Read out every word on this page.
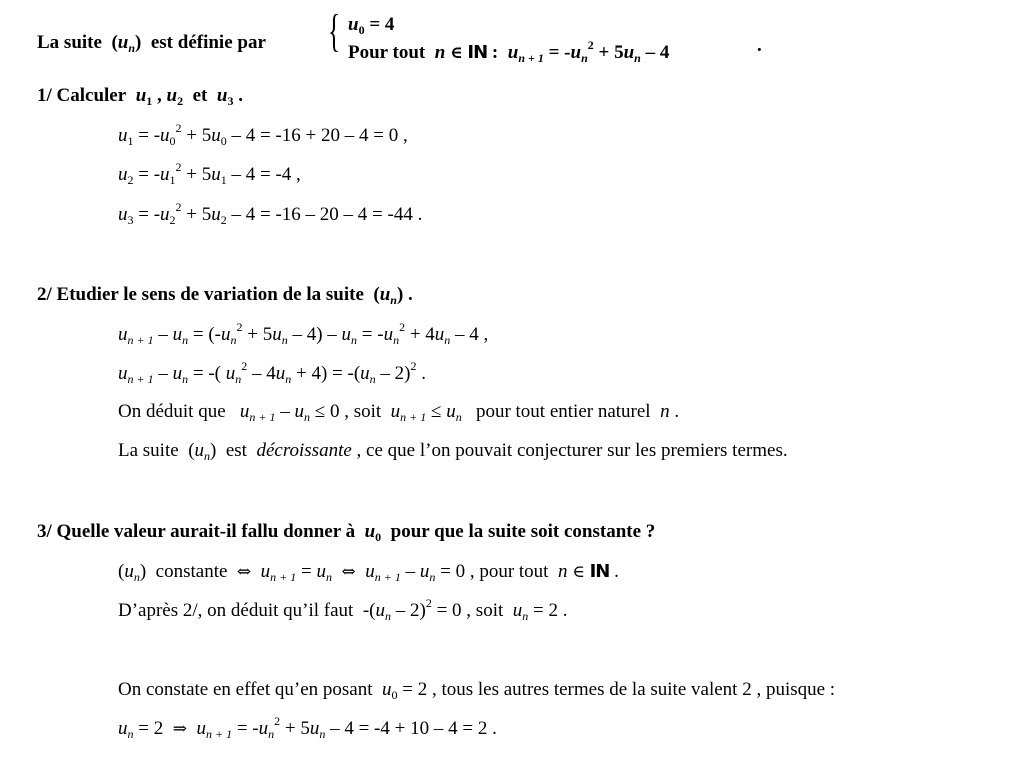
La suite  $(u_n)$  est définie par { $u_0 = 4$
Pour tout n ∈ IN :  $u_{n + 1} = -u_n^2 + 5u_n - 4$	.
1/ Calculer $u_1$ , $u_2$ et $u_3$ .
$u_1 = -u_0^2 + 5u_0 - 4 = -16 + 20 - 4 = 0$ ,
$u_2 = -u_1^2 + 5u_1 - 4 = -4$ ,
$u_3 = -u_2^2 + 5u_2 - 4 = -16 - 20 - 4 = -44$ .
2/ Etudier le sens de variation de la suite  $(u_n)$ .
$u_{n + 1} - u_n = (-u_n^2 + 5u_n - 4) - u_n = -u_n^2 + 4u_n - 4$ ,
$u_{n + 1} - u_n$ = -( $u_n^2 - 4u_n + 4) = -(u_n - 2)^2$ .
On déduit que $u_{n + 1} - u_n \le 0$ , soit $u_{n + 1} \le u_n$ pour tout entier naturel n .
La suite  $(u_n)$  est décroissante , ce que l’on pouvait conjecturer sur les premiers termes.
3/ Quelle valeur aurait-il fallu donner à $u_0$ pour que la suite soit constante ?
$(u_n)$  constante ⇔ $u_{n + 1} = u_n$ ⇔ $u_{n + 1} - u_n = 0$ , pour tout n ∈ IN .
D’après 2/, on déduit qu’il faut  $-(u_n - 2)^2 = 0$ , soit $u_n = 2$ .
On constate en effet qu’en posant $u_0 = 2$ , tous les autres termes de la suite valent 2 , puisque :
$u_n = 2$  ⇒ $u_{n + 1} = -u_n^2 + 5u_n - 4 = -4 + 10 - 4 = 2$ .
